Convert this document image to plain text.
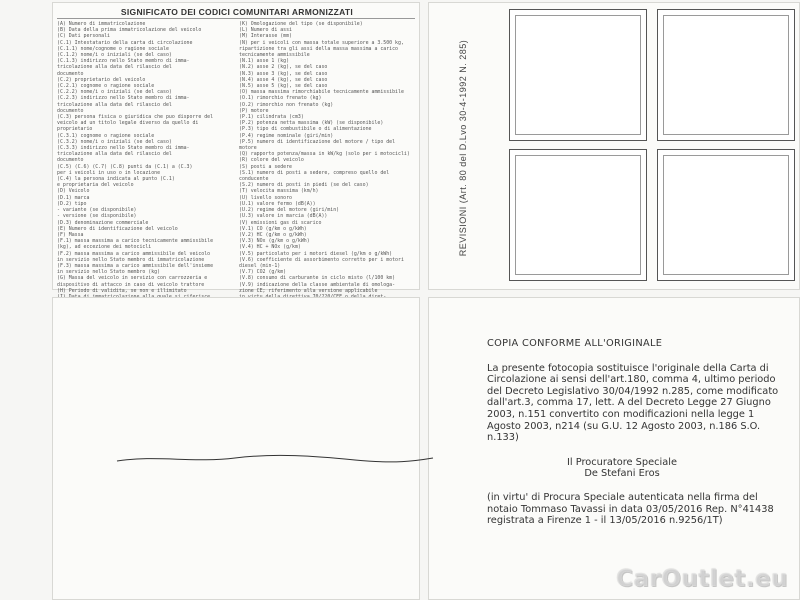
SIGNIFICATO DEI CODICI COMUNITARI ARMONIZZATI
(A) Numero di immatricolazione
(B) Data della prima immatricolazione del veicolo
(C) Dati personali
(C.1) Intestatario della carta di circolazione
(C.1.1) nome/cognome o ragione sociale
(C.1.2) nome/i o iniziali (se del caso)
(C.1.3) indirizzo nello Stato membro di imma-
tricolazione alla data del rilascio del
documento
(C.2) proprietario del veicolo
(C.2.1) cognome o ragione sociale
(C.2.2) nome/i o iniziali (se del caso)
(C.2.3) indirizzo nello Stato membro di imma-
tricolazione alla data del rilascio del
documento
(C.3) persona fisica o giuridica che puo disporre del
veicolo ad un titolo legale diverso da quello di
proprietario
(C.3.1) cognome o ragione sociale
(C.3.2) nome/i o iniziali (se del caso)
(C.3.3) indirizzo nello Stato membro di imma-
tricolazione alla data del rilascio del
documento
(C.5) (C.6) (C.7) (C.8) punti da (C.1) a (C.3)
per i veicoli in uso o in locazione
(C.4) la persona indicata al punto (C.1)
e proprietaria del veicolo
(D) Veicolo
(D.1) marca
(D.2) tipo
- variante (se disponibile)
- versione (se disponibile)
(D.3) denominazione commerciale
(E) Numero di identificazione del veicolo
(F) Massa
(F.1) massa massima a carico tecnicamente ammissibile
(kg), ad eccezione dei motocicli
(F.2) massa massima a carico ammissibile del veicolo
in servizio nello Stato membro di immatricolazione
(F.3) massa massima a carico ammissibile dell'insieme
in servizio nello Stato membro (kg)
(G) Massa del veicolo in servizio con carrozzeria e
dispositivo di attacco in caso di veicolo trattore
(H) Periodo di validita, se non e illimitato
(K) Omologazione del tipo (se disponibile)
(L) Numero di assi
(M) Interasse (mm)
(N) per i veicoli con massa totale superiore a 3.500 kg,
ripartizione tra gli assi della massa massima a carico
tecnicamente ammissibile
(N.1) asse 1 (kg)
(N.2) asse 2 (kg), se del caso
(N.3) asse 3 (kg), se del caso
(N.4) asse 4 (kg), se del caso
(N.5) asse 5 (kg), se del caso
(O) massa massima rimorchiabile tecnicamente ammissibile
(O.1) rimorchio frenato (kg)
(O.2) rimorchio non frenato (kg)
(P) motore
(P.1) cilindrata (cm3)
(P.2) potenza netta massima (kW) (se disponibile)
(P.3) tipo di combustibile o di alimentazione
(P.4) regime nominale (giri/min)
(P.5) numero di identificazione del motore / tipo del
motore
(Q) rapporto potenza/massa in kW/kg (solo per i motocicli)
(R) colore del veicolo
(S) posti a sedere
(S.1) numero di posti a sedere, compreso quello del
conducente
(S.2) numero di posti in piedi (se del caso)
(T) velocita massima (km/h)
(U) livello sonoro
(U.1) valore fermo (dB(A))
(U.2) regime del motore (giri/min)
(U.3) valore in marcia (dB(A))
(V) emissioni gas di scarico
(V.1) CO (g/km o g/kWh)
(V.2) HC (g/km o g/kWh)
(V.3) NOx (g/km o g/kWh)
(V.4) HC + NOx (g/km)
(V.5) particolato per i motori diesel (g/km o g/kWh)
(V.6) coefficiente di assorbimento corretto per i motori
diesel (min-1)
(V.7) CO2 (g/km)
(V.8) consumo di carburante in ciclo misto (l/100 km)
(V.9) indicazione della classe ambientale di omologa-
zione CE; riferimento alla versione applicabile
REVISIONI (Art. 80 del D.Lvo 30-4-1992 N. 285)
COPIA CONFORME ALL'ORIGINALE
La presente fotocopia sostituisce l'originale della Carta di Circolazione ai sensi dell'art.180, comma 4, ultimo periodo del Decreto Legislativo 30/04/1992 n.285, come modificato dall'art.3, comma 17, lett. A del Decreto Legge 27 Giugno 2003, n.151 convertito con modificazioni nella legge 1 Agosto 2003, n214 (su G.U. 12 Agosto 2003, n.186 S.O. n.133)
Il Procuratore Speciale
De Stefani Eros
(in virtu' di Procura Speciale autenticata nella firma del notaio Tommaso Tavassi in data 03/05/2016 Rep. N°41438 registrata a Firenze 1 - il 13/05/2016 n.9256/1T)
CarOutlet.eu
